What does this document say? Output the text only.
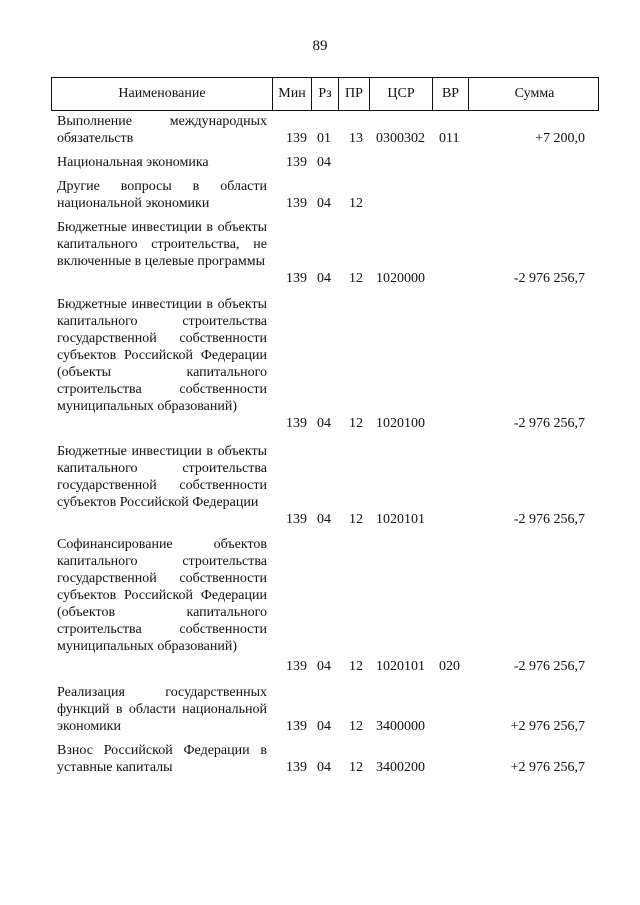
89
Наименование	Мин Рз ПР	ЦСР	ВР	Сумма
Выполнение международных обязательств	139 01 13 0300302 011	+7 200,0
Национальная экономика	139 04
Другие вопросы в области национальной экономики	139 04 12
Бюджетные инвестиции в объекты капитального строительства, не включенные в целевые программы
139 04 12 1020000	-2 976 256,7
Бюджетные инвестиции в объекты капитального строительства государственной собственности субъектов Российской Федерации (объекты капитального строительства собственности муниципальных образований)
139 04 12 1020100	-2 976 256,7
Бюджетные инвестиции в объекты капитального строительства государственной собственности субъектов Российской Федерации
139 04 12 1020101	-2 976 256,7
Софинансирование объектов капитального строительства государственной собственности субъектов Российской Федерации (объектов капитального строительства собственности муниципальных образований)
139 04 12 1020101 020	-2 976 256,7
Реализация государственных функций в области национальной экономики	139 04 12 3400000	+2 976 256,7
Взнос Российской Федерации в уставные капиталы	139 04 12 3400200	+2 976 256,7
